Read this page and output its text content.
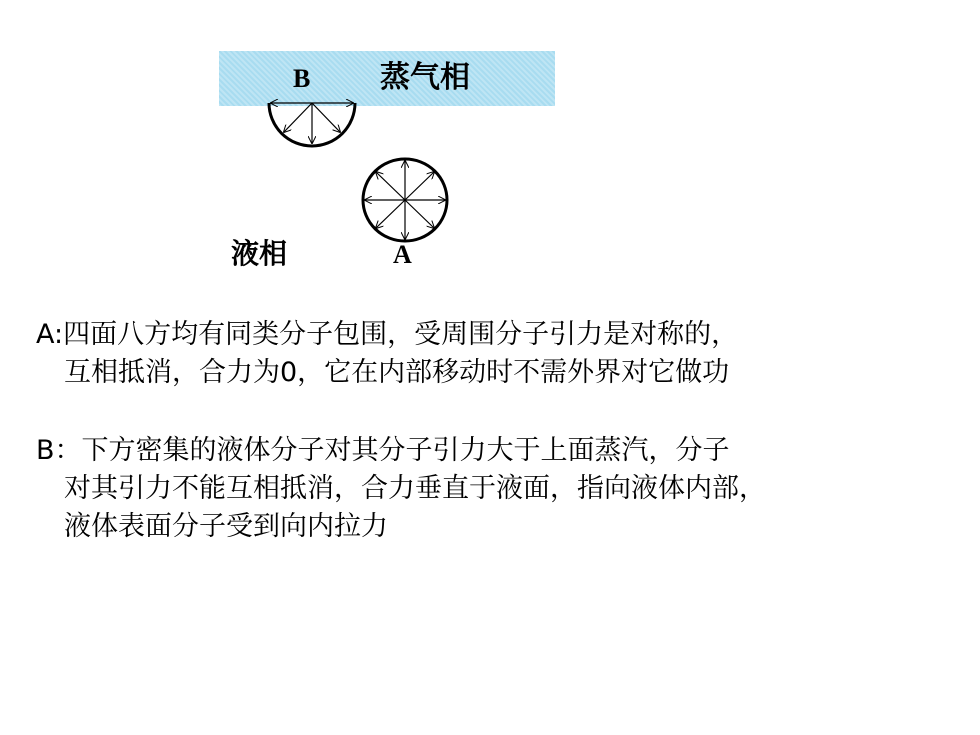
B 蒸气相
液相	A
A:四面八方均有同类分子包围，受周围分子引力是对称的，
互相抵消，合力为0，它在内部移动时不需外界对它做功
B：下方密集的液体分子对其分子引力大于上面蒸汽，分子
对其引力不能互相抵消，合力垂直于液面，指向液体内部，
液体表面分子受到向内拉力
